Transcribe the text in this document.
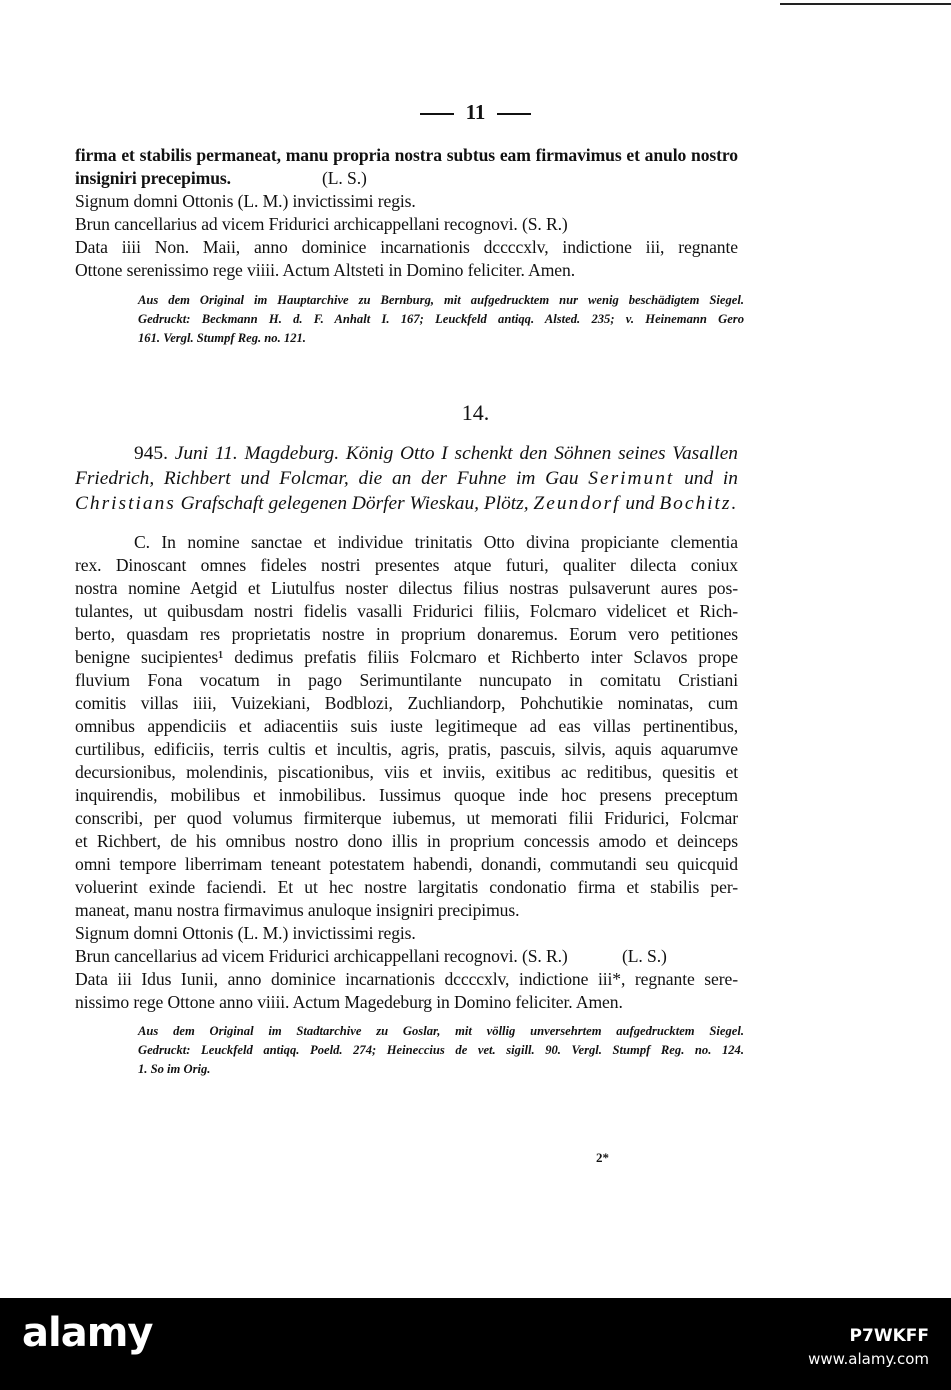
11
firma et stabilis permaneat, manu propria nostra subtus eam firmavimus et anulo nostro
insigniri precepimus.	(L. S.)
Signum domni Ottonis (L. M.) invictissimi regis.
Brun cancellarius ad vicem Fridurici archicappellani recognovi. (S. R.)
Data iiii Non. Maii, anno dominice incarnationis dccccxlv, indictione iii, regnante
Ottone serenissimo rege viiii. Actum Altsteti in Domino feliciter. Amen.
Aus dem Original im Hauptarchive zu Bernburg, mit aufgedrucktem nur wenig beschädigtem Siegel.
Gedruckt: Beckmann H. d. F. Anhalt I. 167; Leuckfeld antiqq. Alsted. 235; v. Heinemann Gero
161. Vergl. Stumpf Reg. no. 121.
14.
945. Juni 11. Magdeburg. König Otto I schenkt den Söhnen seines Vasallen
Friedrich, Richbert und Folcmar, die an der Fuhne im Gau Serimunt und in
Christians Grafschaft gelegenen Dörfer Wieskau, Plötz, Zeundorf und Bochitz.
C. In nomine sanctae et individue trinitatis Otto divina propiciante clementia
rex. Dinoscant omnes fideles nostri presentes atque futuri, qualiter dilecta coniux
nostra nomine Aetgid et Liutulfus noster dilectus filius nostras pulsaverunt aures pos-
tulantes, ut quibusdam nostri fidelis vasalli Fridurici filiis, Folcmaro videlicet et Rich-
berto, quasdam res proprietatis nostre in proprium donaremus. Eorum vero petitiones
benigne sucipientes¹ dedimus prefatis filiis Folcmaro et Richberto inter Sclavos prope
fluvium Fona vocatum in pago Serimuntilante nuncupato in comitatu Cristiani
comitis villas iiii, Vuizekiani, Bodblozi, Zuchliandorp, Pohchutikie nominatas, cum
omnibus appendiciis et adiacentiis suis iuste legitimeque ad eas villas pertinentibus,
curtilibus, edificiis, terris cultis et incultis, agris, pratis, pascuis, silvis, aquis aquarumve
decursionibus, molendinis, piscationibus, viis et inviis, exitibus ac reditibus, quesitis et
inquirendis, mobilibus et inmobilibus. Iussimus quoque inde hoc presens preceptum
conscribi, per quod volumus firmiterque iubemus, ut memorati filii Fridurici, Folcmar
et Richbert, de his omnibus nostro dono illis in proprium concessis amodo et deinceps
omni tempore liberrimam teneant potestatem habendi, donandi, commutandi seu quicquid
voluerint exinde faciendi. Et ut hec nostre largitatis condonatio firma et stabilis per-
maneat, manu nostra firmavimus anuloque insigniri precipimus.
Signum domni Ottonis (L. M.) invictissimi regis.
Brun cancellarius ad vicem Fridurici archicappellani recognovi. (S. R.)	(L. S.)
Data iii Idus Iunii, anno dominice incarnationis dccccxlv, indictione iii*, regnante sere-
nissimo rege Ottone anno viiii. Actum Magedeburg in Domino feliciter. Amen.
Aus dem Original im Stadtarchive zu Goslar, mit völlig unversehrtem aufgedrucktem Siegel.
Gedruckt: Leuckfeld antiqq. Poeld. 274; Heineccius de vet. sigill. 90. Vergl. Stumpf Reg. no. 124.
1. So im Orig.
2*
alamy	P7WKFF
www.alamy.com
